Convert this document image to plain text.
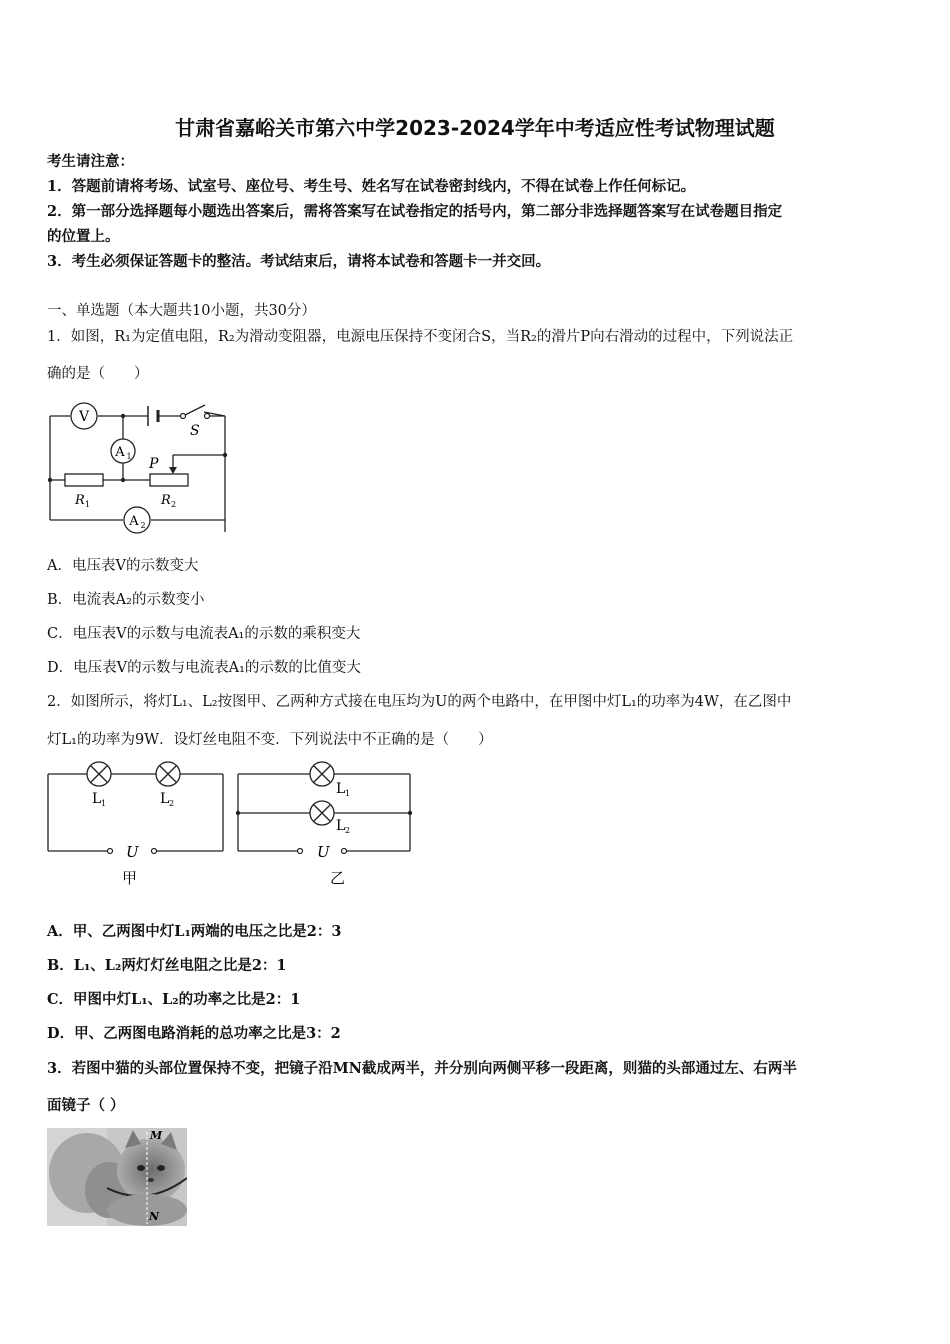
甘肃省嘉峪关市第六中学2023-2024学年中考适应性考试物理试题
考生请注意：
1．答题前请将考场、试室号、座位号、考生号、姓名写在试卷密封线内，不得在试卷上作任何标记。
2．第一部分选择题每小题选出答案后，需将答案写在试卷指定的括号内，第二部分非选择题答案写在试卷题目指定
的位置上。
3．考生必须保证答题卡的整洁。考试结束后，请将本试卷和答题卡一并交回。
一、单选题（本大题共10小题，共30分）
1．如图，R₁为定值电阻，R₂为滑动变阻器，电源电压保持不变闭合S，当R₂的滑片P向右滑动的过程中，下列说法正
确的是（　　）
V
A 1
A 2
S
P
R 1	R 2
A．电压表V的示数变大
B．电流表A₂的示数变小
C．电压表V的示数与电流表A₁的示数的乘积变大
D．电压表V的示数与电流表A₁的示数的比值变大
2．如图所示，将灯L₁、L₂按图甲、乙两种方式接在电压均为U的两个电路中，在甲图中灯L₁的功率为4W，在乙图中
灯L₁的功率为9W．设灯丝电阻不变．下列说法中不正确的是（　　）
L 1	L 2
L 1
L 2
U	U
甲	乙
A．甲、乙两图中灯L₁两端的电压之比是2：3
B．L₁、L₂两灯灯丝电阻之比是2：1
C．甲图中灯L₁、L₂的功率之比是2：1
D．甲、乙两图电路消耗的总功率之比是3：2
3．若图中猫的头部位置保持不变，把镜子沿MN截成两半，并分别向两侧平移一段距离，则猫的头部通过左、右两半
面镜子（ ）
M
N
